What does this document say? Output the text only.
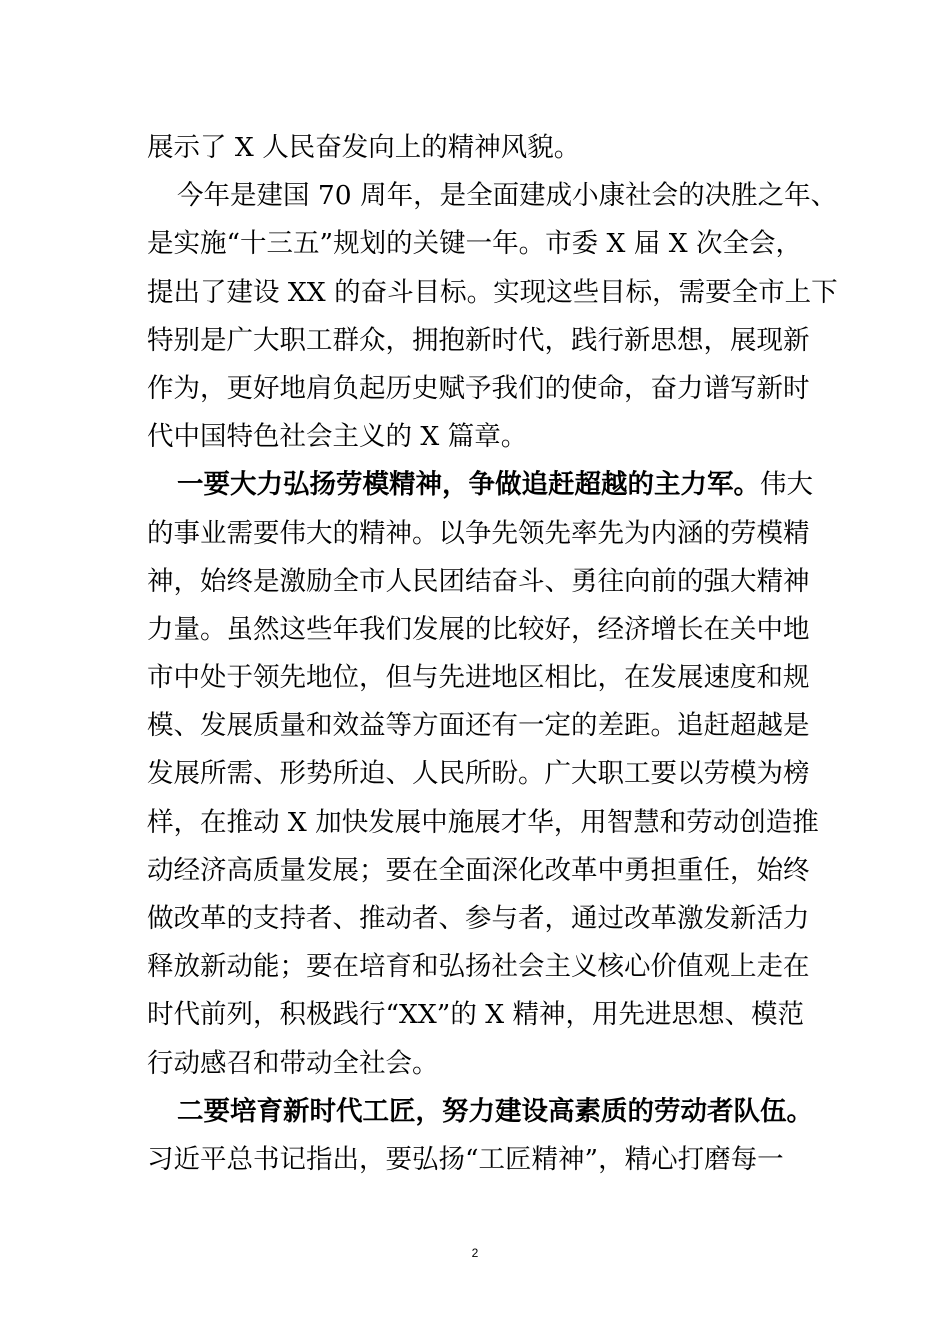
展示了 X 人民奋发向上的精神风貌。
今年是建国 70 周年，是全面建成小康社会的决胜之年、
是实施“十三五”规划的关键一年。市委 X 届 X 次全会，
提出了建设 XX 的奋斗目标。实现这些目标，需要全市上下
特别是广大职工群众，拥抱新时代，践行新思想，展现新
作为，更好地肩负起历史赋予我们的使命，奋力谱写新时
代中国特色社会主义的 X 篇章。
一要大力弘扬劳模精神，争做追赶超越的主力军。伟大
的事业需要伟大的精神。以争先领先率先为内涵的劳模精
神，始终是激励全市人民团结奋斗、勇往向前的强大精神
力量。虽然这些年我们发展的比较好，经济增长在关中地
市中处于领先地位，但与先进地区相比，在发展速度和规
模、发展质量和效益等方面还有一定的差距。追赶超越是
发展所需、形势所迫、人民所盼。广大职工要以劳模为榜
样，在推动 X 加快发展中施展才华，用智慧和劳动创造推
动经济高质量发展；要在全面深化改革中勇担重任，始终
做改革的支持者、推动者、参与者，通过改革激发新活力
释放新动能；要在培育和弘扬社会主义核心价值观上走在
时代前列，积极践行“XX”的 X 精神，用先进思想、模范
行动感召和带动全社会。
二要培育新时代工匠，努力建设高素质的劳动者队伍。
习近平总书记指出，要弘扬“工匠精神”，精心打磨每一
2
